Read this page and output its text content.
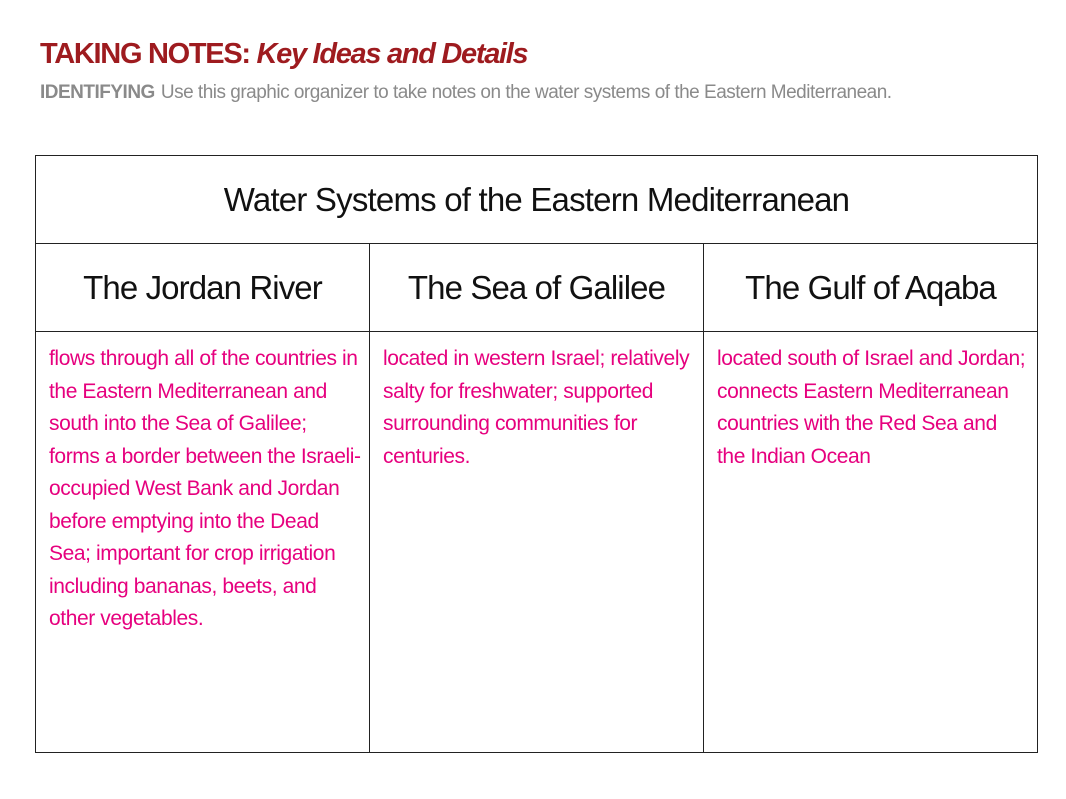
TAKING NOTES: Key Ideas and Details
IDENTIFYING Use this graphic organizer to take notes on the water systems of the Eastern Mediterranean.
Water Systems of the Eastern Mediterranean
The Jordan River
flows through all of the countries in the Eastern Mediterranean and south into the Sea of Galilee; forms a border between the Israeli-occupied West Bank and Jordan before emptying into the Dead Sea; important for crop irrigation including bananas, beets, and other vegetables.
The Sea of Galilee
located in western Israel; relatively salty for freshwater; supported surrounding communities for centuries.
The Gulf of Aqaba
located south of Israel and Jordan; connects Eastern Mediterranean countries with the Red Sea and the Indian Ocean
